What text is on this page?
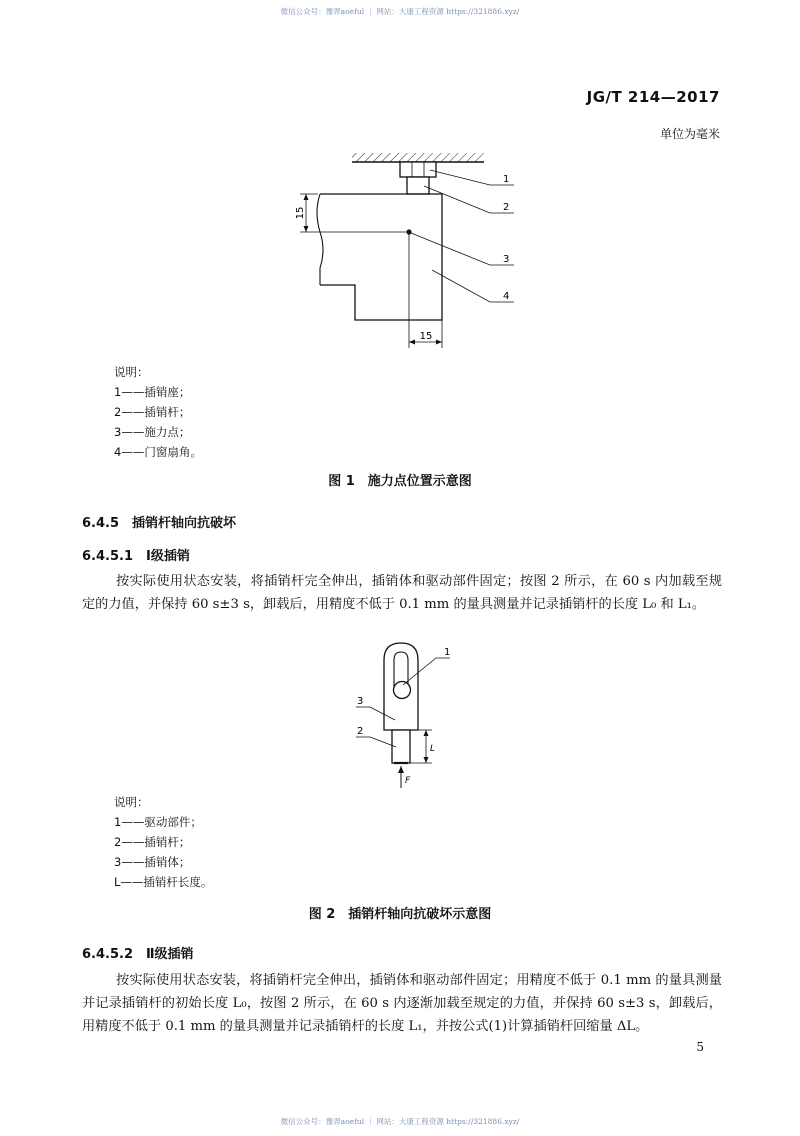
微信公众号：豫羿aoeful ｜ 网站：大康工程资源 https://321886.xyz/
JG/T 214—2017
单位为毫米
15
15
1
2
3
4
说明：
1——插销座；
2——插销杆；
3——施力点；
4——门窗扇角。
图 1　施力点位置示意图
6.4.5　插销杆轴向抗破坏
6.4.5.1　Ⅰ级插销
按实际使用状态安装，将插销杆完全伸出，插销体和驱动部件固定；按图 2 所示，在 60 s 内加载至规定的力值，并保持 60 s±3 s，卸载后，用精度不低于 0.1 mm 的量具测量并记录插销杆的长度 L₀ 和 L₁。
F
L
1
3
2
说明：
1——驱动部件；
2——插销杆；
3——插销体；
L——插销杆长度。
图 2　插销杆轴向抗破坏示意图
6.4.5.2　Ⅱ级插销
按实际使用状态安装，将插销杆完全伸出，插销体和驱动部件固定；用精度不低于 0.1 mm 的量具测量并记录插销杆的初始长度 L₀，按图 2 所示，在 60 s 内逐渐加载至规定的力值，并保持 60 s±3 s，卸载后，用精度不低于 0.1 mm 的量具测量并记录插销杆的长度 L₁，并按公式(1)计算插销杆回缩量 ΔL。
5
微信公众号：豫羿aoeful ｜ 网站：大康工程资源 https://321886.xyz/
